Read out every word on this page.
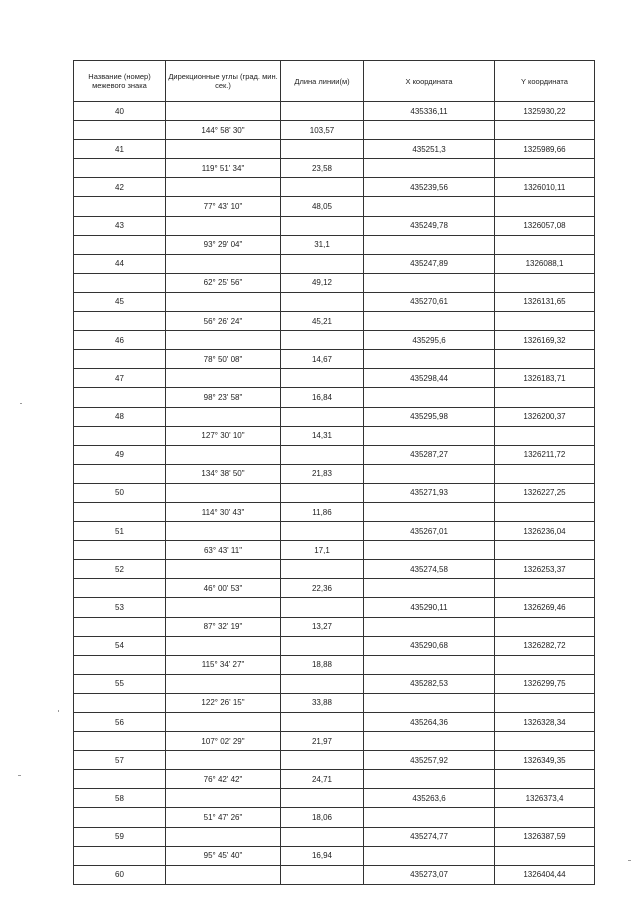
Название (номер) межевого знака	Дирекционные углы (град. мин. сек.)	Длина линии(м)	X координата	Y координата
40			435336,11	1325930,22
	144° 58' 30"	103,57		
41			435251,3	1325989,66
	119° 51' 34"	23,58		
42			435239,56	1326010,11
	77° 43' 10"	48,05		
43			435249,78	1326057,08
	93° 29' 04"	31,1		
44			435247,89	1326088,1
	62° 25' 56"	49,12		
45			435270,61	1326131,65
	56° 26' 24"	45,21		
46			435295,6	1326169,32
	78° 50' 08"	14,67		
47			435298,44	1326183,71
	98° 23' 58"	16,84		
48			435295,98	1326200,37
	127° 30' 10"	14,31		
49			435287,27	1326211,72
	134° 38' 50"	21,83		
50			435271,93	1326227,25
	114° 30' 43"	11,86		
51			435267,01	1326236,04
	63° 43' 11"	17,1		
52			435274,58	1326253,37
	46° 00' 53"	22,36		
53			435290,11	1326269,46
	87° 32' 19"	13,27		
54			435290,68	1326282,72
	115° 34' 27"	18,88		
55			435282,53	1326299,75
	122° 26' 15"	33,88		
56			435264,36	1326328,34
	107° 02' 29"	21,97		
57			435257,92	1326349,35
	76° 42' 42"	24,71		
58			435263,6	1326373,4
	51° 47' 26"	18,06		
59			435274,77	1326387,59
	95° 45' 40"	16,94		
60			435273,07	1326404,44
